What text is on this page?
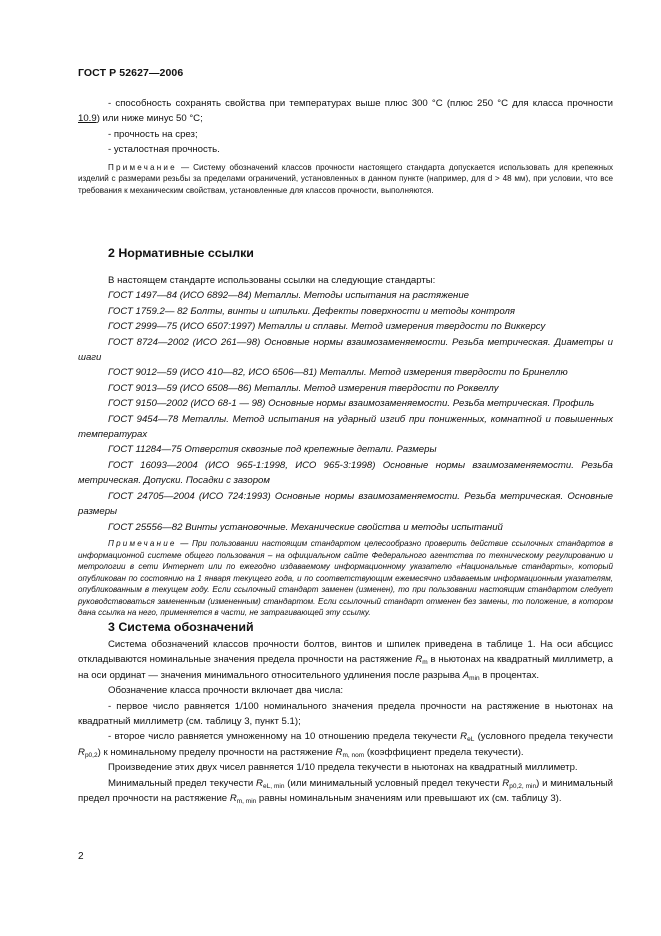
ГОСТ Р 52627—2006

- способность сохранять свойства при температурах выше плюс 300 °С (плюс 250 °С для класса прочности 10.9) или ниже минус 50 °С;

- прочность на срез;

- усталостная прочность.

Примечание — Систему обозначений классов прочности настоящего стандарта допускается использовать для крепежных изделий с размерами резьбы за пределами ограничений, установленных в данном пункте (например, для d > 48 мм), при условии, что все требования к механическим свойствам, установленные для классов прочности, выполняются.

2 Нормативные ссылки

В настоящем стандарте использованы ссылки на следующие стандарты:

ГОСТ 1497—84 (ИСО 6892—84) Металлы. Методы испытания на растяжение

ГОСТ 1759.2— 82 Болты, винты и шпильки. Дефекты поверхности и методы контроля

ГОСТ 2999—75 (ИСО 6507:1997) Металлы и сплавы. Метод измерения твердости по Виккерсу

ГОСТ 8724—2002 (ИСО 261—98) Основные нормы взаимозаменяемости. Резьба метрическая. Диаметры и шаги

ГОСТ 9012—59 (ИСО 410—82, ИСО 6506—81) Металлы. Метод измерения твердости по Бринеллю

ГОСТ 9013—59 (ИСО 6508—86) Металлы. Метод измерения твердости по Роквеллу

ГОСТ 9150—2002 (ИСО 68-1 — 98) Основные нормы взаимозаменяемости. Резьба метрическая. Профиль

ГОСТ 9454—78 Металлы. Метод испытания на ударный изгиб при пониженных, комнатной и повышенных температурах

ГОСТ 11284—75 Отверстия сквозные под крепежные детали. Размеры

ГОСТ 16093—2004 (ИСО 965-1:1998, ИСО 965-3:1998) Основные нормы взаимозаменяемости. Резьба метрическая. Допуски. Посадки с зазором

ГОСТ 24705—2004 (ИСО 724:1993) Основные нормы взаимозаменяемости. Резьба метрическая. Основные размеры

ГОСТ 25556—82 Винты установочные. Механические свойства и методы испытаний

Примечание — При пользовании настоящим стандартом целесообразно проверить действие ссылочных стандартов в информационной системе общего пользования – на официальном сайте Федерального агентства по техническому регулированию и метрологии в сети Интернет или по ежегодно издаваемому информационному указателю «Национальные стандарты», который опубликован по состоянию на 1 января текущего года, и по соответствующим ежемесячно издаваемым информационным указателям, опубликованным в текущем году. Если ссылочный стандарт заменен (изменен), то при пользовании настоящим стандартом следует руководствоваться замененным (измененным) стандартом. Если ссылочный стандарт отменен без замены, то положение, в котором дана ссылка на него, применяется в части, не затрагивающей эту ссылку.

3 Система обозначений

Система обозначений классов прочности болтов, винтов и шпилек приведена в таблице 1. На оси абсцисс откладываются номинальные значения предела прочности на растяжение $R_m$ в ньютонах на квадратный миллиметр, а на оси ординат — значения минимального относительного удлинения после разрыва $A_{min}$ в процентах.

Обозначение класса прочности включает два числа:

- первое число равняется 1/100 номинального значения предела прочности на растяжение в ньютонах на квадратный миллиметр (см. таблицу 3, пункт 5.1);

- второе число равняется умноженному на 10 отношению предела текучести $R_{eL}$ (условного предела текучести $R_{p0,2}$) к номинальному пределу прочности на растяжение $R_{m, nom}$ (коэффициент предела текучести).

Произведение этих двух чисел равняется 1/10 предела текучести в ньютонах на квадратный миллиметр.

Минимальный предел текучести $R_{eL, min}$ (или минимальный условный предел текучести $R_{p0,2, min}$) и минимальный предел прочности на растяжение $R_{m, min}$ равны номинальным значениям или превышают их (см. таблицу 3).

2
